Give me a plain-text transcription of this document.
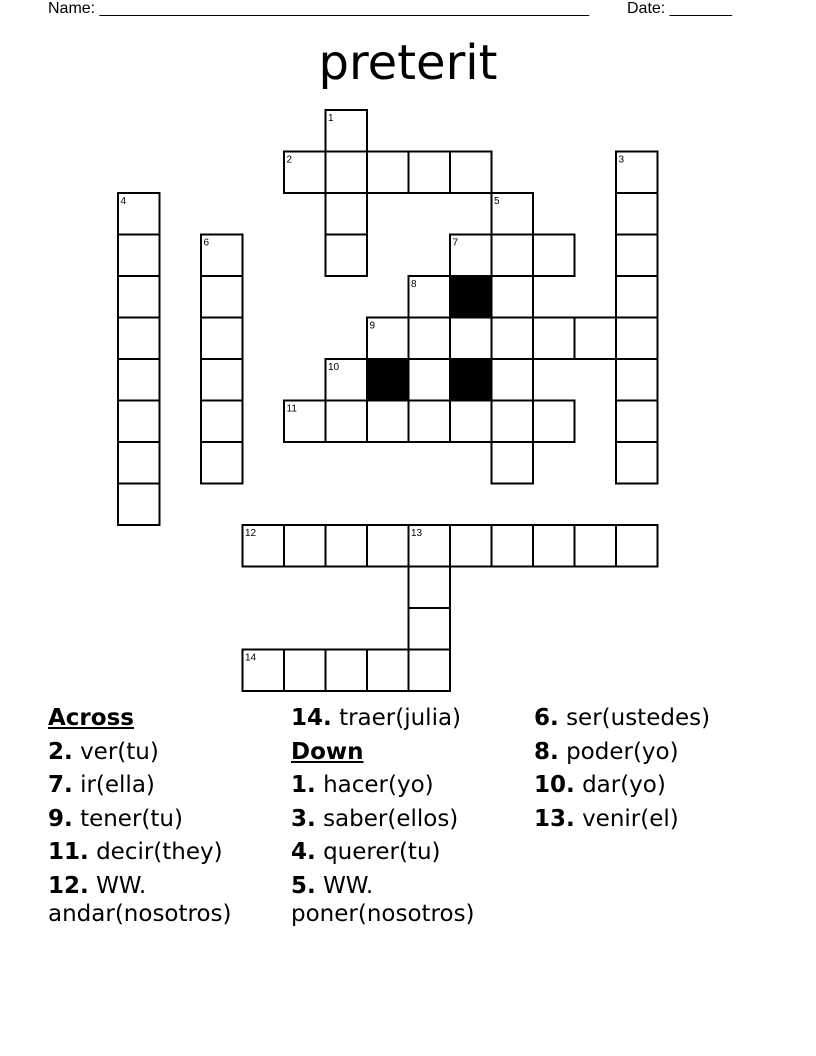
Name: _______________________________________________________ Date: _______
preterit
1
2	3
4	5
6	7
8
9
10
11
12	13
14
Across
2. ver(tu)
7. ir(ella)
9. tener(tu)
11. decir(they)
12. WW. andar(nosotros)
14. traer(julia)
Down
1. hacer(yo)
3. saber(ellos)
4. querer(tu)
5. WW. poner(nosotros)
6. ser(ustedes)
8. poder(yo)
10. dar(yo)
13. venir(el)
